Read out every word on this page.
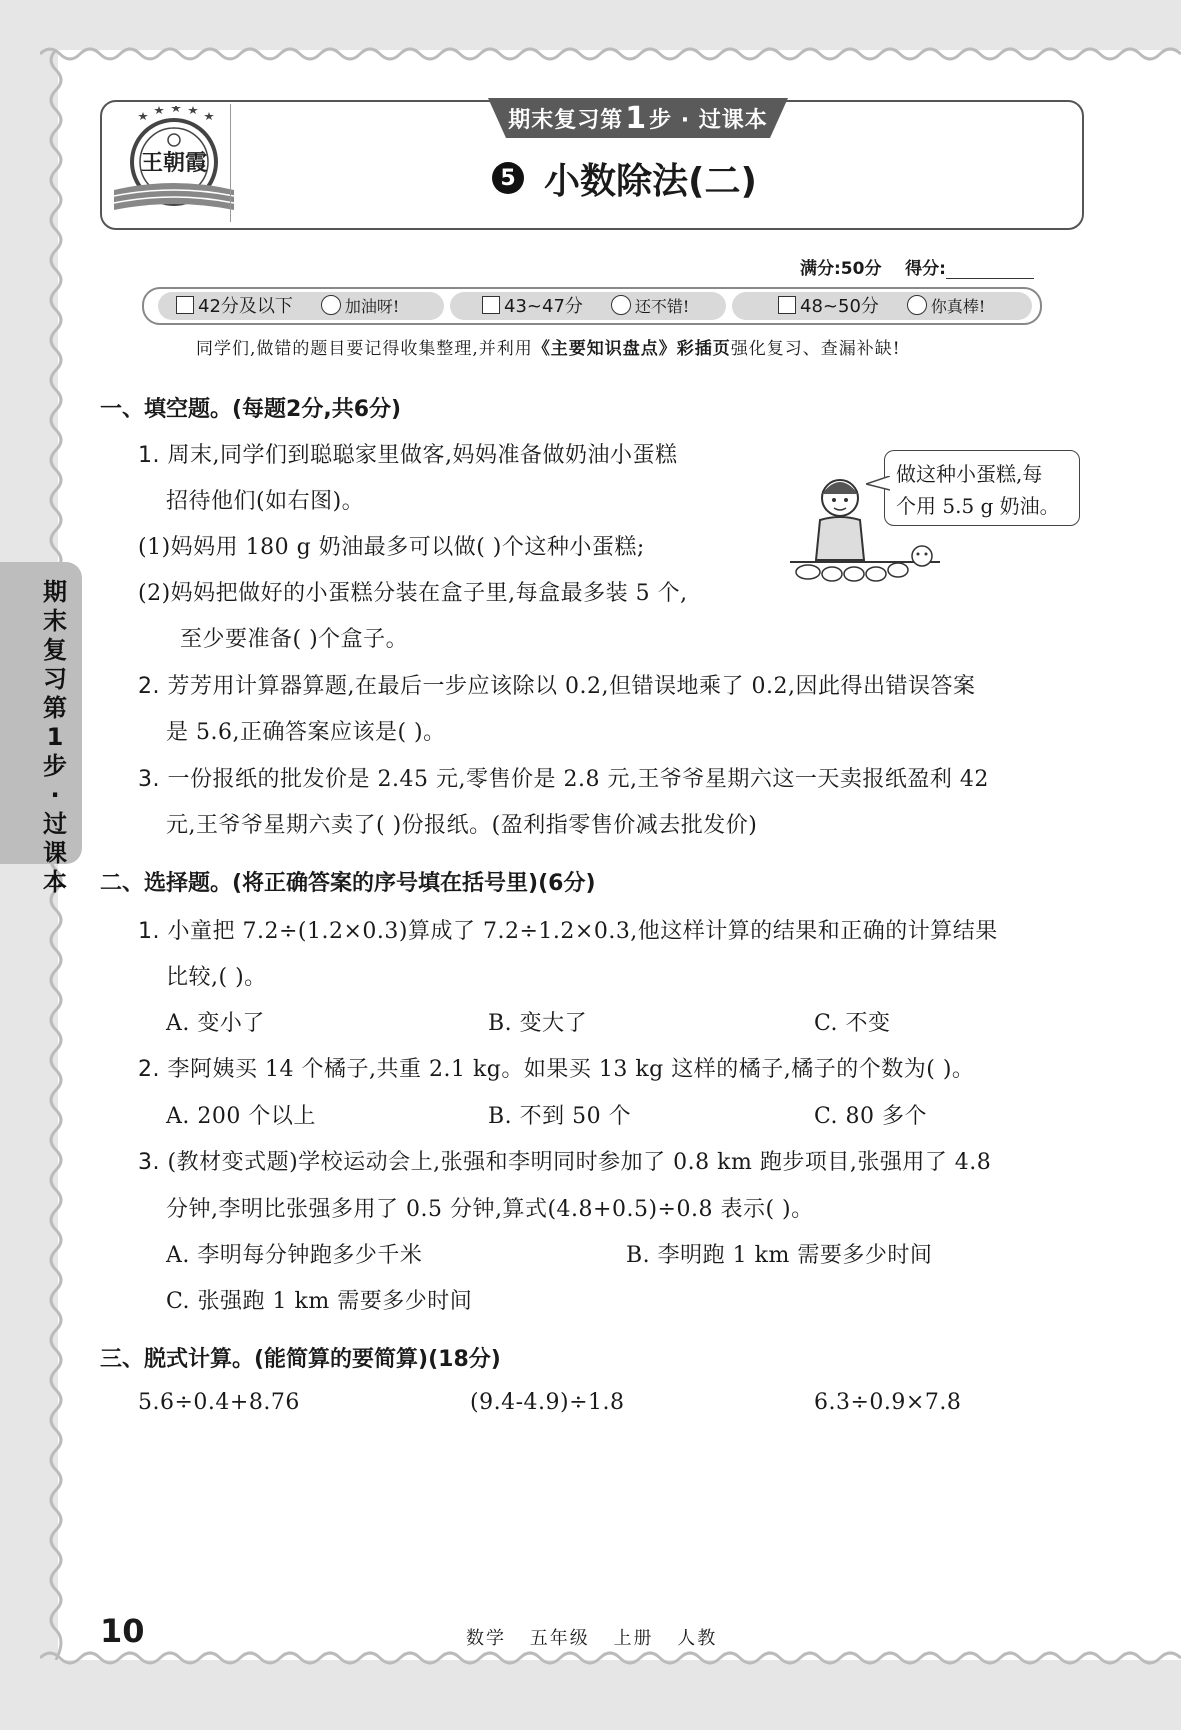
王朝霞
期末复习第 1 步 · 过课本
5 小数除法(二)
满分:50分 得分:
42分及以下	加油呀!	43~47分	还不错!	48~50分	你真棒!
同学们,做错的题目要记得收集整理,并利用《主要知识盘点》彩插页强化复习、查漏补缺!
期
末
复
习
第
1
步
·
过
课
本
一、填空题。(每题2分,共6分)
1. 周末,同学们到聪聪家里做客,妈妈准备做奶油小蛋糕
招待他们(如右图)。
(1)妈妈用 180 g 奶油最多可以做( )个这种小蛋糕;
(2)妈妈把做好的小蛋糕分装在盒子里,每盒最多装 5 个,
至少要准备( )个盒子。
2. 芳芳用计算器算题,在最后一步应该除以 0.2,但错误地乘了 0.2,因此得出错误答案
是 5.6,正确答案应该是( )。
3. 一份报纸的批发价是 2.45 元,零售价是 2.8 元,王爷爷星期六这一天卖报纸盈利 42
元,王爷爷星期六卖了( )份报纸。(盈利指零售价减去批发价)
做这种小蛋糕,每
个用 5.5 g 奶油。
二、选择题。(将正确答案的序号填在括号里)(6分)
1. 小童把 7.2÷(1.2×0.3)算成了 7.2÷1.2×0.3,他这样计算的结果和正确的计算结果
比较,( )。
A. 变小了	B. 变大了	C. 不变
2. 李阿姨买 14 个橘子,共重 2.1 kg。如果买 13 kg 这样的橘子,橘子的个数为( )。
A. 200 个以上	B. 不到 50 个	C. 80 多个
3. (教材变式题)学校运动会上,张强和李明同时参加了 0.8 km 跑步项目,张强用了 4.8
分钟,李明比张强多用了 0.5 分钟,算式(4.8+0.5)÷0.8 表示( )。
A. 李明每分钟跑多少千米	B. 李明跑 1 km 需要多少时间
C. 张强跑 1 km 需要多少时间
三、脱式计算。(能简算的要简算)(18分)
5.6÷0.4+8.76	(9.4-4.9)÷1.8	6.3÷0.9×7.8
10	数学 五年级 上册 人教
